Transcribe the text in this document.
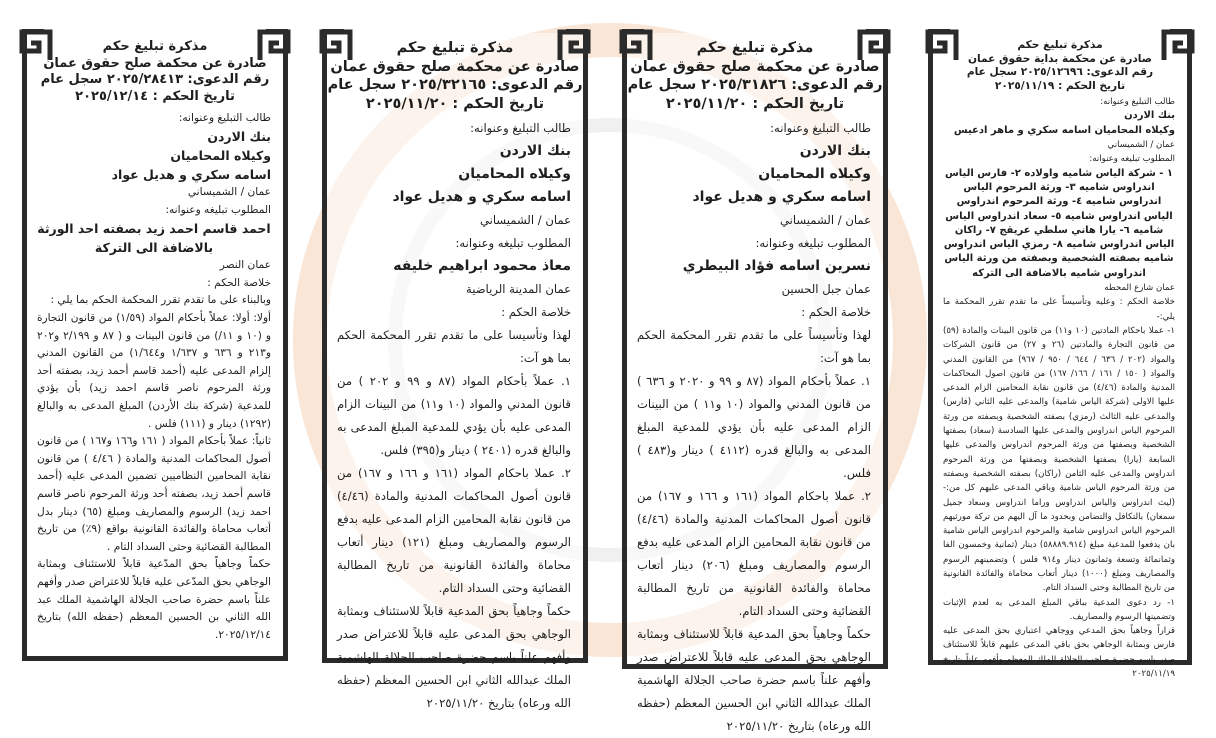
مذكرة تبليغ حكم
صادرة عن محكمة بداية حقوق عمان
رقم الدعوى: ٢٠٢٥/١٢٦٩٦ سجل عام
تاريخ الحكم : ٢٠٢٥/١١/١٩

طالب التبليغ وعنوانه:

بنك الاردن

وكيلاه المحاميان اسامه سكري و ماهر ادعيس

عمان / الشميساني

المطلوب تبليغه وعنوانه:

١ - شركة الياس شاميه واولاده ٢- فارس الياس اندراوس شاميه ٣- ورثة المرحوم الياس اندراوس شاميه ٤- ورثة المرحوم اندراوس الياس اندراوس شاميه ٥- سعاد اندراوس الياس شاميه ٦- يارا هاني سلطي عريقج ٧- راكان الياس اندراوس شاميه ٨- رمزي الياس اندراوس شاميه بصفته الشخصية وبصفته من ورثة الياس اندراوس شاميه بالاضافة الى التركه

عمان شارع المحطه

خلاصة الحكم : وعليه وتأسيساً على ما تقدم تقرر المحكمة ما يلي:-

١- عملا باحكام المادتين (١٠ و١١) من قانون البينات والمادة (٥٩) من قانون التجارة والمادتين (٢٦ و ٢٧) من قانون الشركات والمواد (٢٠٢ / ٦٣٦ / ٦٤٤ / ٩٥٠ / ٩٦٧) من القانون المدني والمواد ( ١٥٠ / ١٦١ / ١٦٦/ ١٦٧) من قانون اصول المحاكمات المدنية والمادة (٤/٤٦) من قانون نقابة المحامين الزام المدعى عليها الاولى (شركة الياس شامية) والمدعى عليه الثاني (فارس) والمدعى عليه الثالث (رمزي) بصفته الشخصية وبصفته من ورثة المرحوم الياس اندراوس والمدعى عليها السادسة (سعاد) بصفتها الشخصية وبصفتها من ورثة المرحوم اندراوس والمدعى عليها السابعة (يارا) بصفتها الشخصية وبصفتها من ورثة المرحوم اندراوس والمدعى عليه الثامن (راكان) بصفته الشخصية وبصفته من ورثة المرحوم الياس شامية وباقي المدعى عليهم كل من:- (ليث اندراوس والياس اندراوس وراما اندراوس وسعاد جميل سمعان) بالتكافل والتضامن وبحدود ما آل اليهم من تركة مورثيهم المرحوم الياس اندراوس شامية والمرحوم اندراوس الياس شامية بان يدفعوا للمدعية مبلغ (٥٨٨٨٩.٩١٤) دينار (ثمانية وخمسون الفا وثمانمائة وتسعة وثمانون دينار و٩١٤ فلس ) وتضمينهم الرسوم والمصاريف ومبلغ (١٠٠٠) دينار أتعاب محاماة والفائدة القانونية من تاريخ المطالبة وحتى السداد التام.

١- رد دعوى المدعية بباقي المبلغ المدعى به لعدم الإثبات وتضمينها الرسوم والمصاريف.

قراراً وجاهياً بحق المدعي ووجاهي اعتباري بحق المدعى عليه فارس وبمثابة الوجاهي بحق باقي المدعى عليهم قابلاً للاستئناف صدر باسم حضرة صاحب الجلالة الملك المعظم وأفهم علناً بتاريخ ٢٠٢٥/١١/١٩

مذكرة تبليغ حكم
صادرة عن محكمة صلح حقوق عمان
رقم الدعوى: ٢٠٢٥/٣١٨٢٦ سجل عام
تاريخ الحكم : ٢٠٢٥/١١/٢٠

طالب التبليغ وعنوانه:

بنك الاردن

وكيلاه المحاميان

اسامه سكري و هديل عواد

عمان / الشميساني

المطلوب تبليغه وعنوانه:

نسرين اسامه فؤاد البيطري

عمان جبل الحسين

خلاصة الحكم :

لهذا وتأسيساً على ما تقدم تقرر المحكمة الحكم بما هو آت:

١. عملاً بأحكام المواد (٨٧ و ٩٩ و ٢٠٢٠ و ٦٣٦ ) من قانون المدني والمواد (١٠ و١١ ) من البينات الزام المدعى عليه بأن يؤدي للمدعية المبلغ المدعى به والبالغ قدره (٤١١٢ ) دينار و(٤٨٣ ) فلس.

٢. عملا باحكام المواد (١٦١ و ١٦٦ و ١٦٧) من قانون أصول المحاكمات المدنية والمادة (٤/٤٦) من قانون نقابة المحامين الزام المدعى عليه بدفع الرسوم والمصاريف ومبلغ (٢٠٦) دينار أتعاب محاماة والفائدة القانونية من تاريخ المطالبة القضائية وحتى السداد التام.

حكماً وجاهياً بحق المدعية قابلاً للاستئناف وبمثابة الوجاهي بحق المدعى عليه قابلاً للاعتراض صدر وأفهم علناً باسم حضرة صاحب الجلالة الهاشمية الملك عبدالله الثاني ابن الحسين المعظم (حفظه الله ورعاه) بتاريخ ٢٠٢٥/١١/٢٠

مذكرة تبليغ حكم
صادرة عن محكمة صلح حقوق عمان
رقم الدعوى: ٢٠٢٥/٣٢١٦٥ سجل عام
تاريخ الحكم : ٢٠٢٥/١١/٢٠

طالب التبليغ وعنوانه:

بنك الاردن

وكيلاه المحاميان

اسامه سكري و هديل عواد

عمان / الشميساني

المطلوب تبليغه وعنوانه:

معاذ محمود ابراهيم خليفه

عمان المدينة الرياضية

خلاصة الحكم :

لهذا وتأسيسا على ما تقدم تقرر المحكمة الحكم بما هو آت:

١. عملاً بأحكام المواد (٨٧ و ٩٩ و ٢٠٢ ) من قانون المدني والمواد (١٠ و١١) من البينات الزام المدعى عليه بأن يؤدي للمدعية المبلغ المدعى به والبالغ قدره (٢٤٠١ ) دينار و(٣٩٥) فلس.

٢. عملا باحكام المواد (١٦١ و ١٦٦ و ١٦٧) من قانون أصول المحاكمات المدنية والمادة (٤/٤٦) من قانون نقابة المحامين الزام المدعى عليه بدفع الرسوم والمصاريف ومبلغ (١٢١) دينار أتعاب محاماة والفائدة القانونية من تاريخ المطالبة القضائية وحتى السداد التام.

حكماً وجاهياً بحق المدعية قابلاً للاستئناف وبمثابة الوجاهي بحق المدعى عليه قابلاً للاعتراض صدر وأفهم علناً باسم حضرة صاحب الجلالة الهاشمية الملك عبدالله الثاني ابن الحسين المعظم (حفظه الله ورعاه) بتاريخ ٢٠٢٥/١١/٢٠

مذكرة تبليغ حكم
صادرة عن محكمة صلح حقوق عمان
رقم الدعوى: ٢٠٢٥/٢٨٤١٣ سجل عام
تاريخ الحكم : ٢٠٢٥/١٢/١٤

طالب التبليغ وعنوانه:

بنك الاردن

وكيلاه المحاميان

اسامه سكري و هديل عواد

عمان / الشميساني

المطلوب تبليغه وعنوانه:

احمد قاسم احمد زيد بصفته احد الورثة بالاضافة الى التركة

عمان النصر

خلاصة الحكم :

وبالبناء على ما تقدم تقرر المحكمة الحكم بما يلي :

أولا: أولا: عملاً بأحكام المواد (١/٥٩) من قانون التجارة و (١٠ و ١١/) من قانون البينات و ( ٨٧ و ٢/١٩٩ و٢٠٢ و٢١٣ و ٦٣٦ و ١/٦٣٧ و١/٦٤٤) من القانون المدني إلزام المدعى عليه (أحمد قاسم أحمد زيد، بصفته أحد ورثة المرحوم ناصر قاسم احمد زيد) بأن يؤدي للمدعية (شركة بنك الأردن) المبلغ المدعى به والبالغ (١٢٩٢) دينار و (١١١) فلس .

ثانياً: عملاً بأحكام المواد ( ١٦١ و١٦٦ و١٦٧ ) من قانون أصول المحاكمات المدنية والمادة ( ٤/٤٦ ) من قانون نقابة المحامين النظاميين تضمين المدعى عليه (أحمد قاسم أحمد زيد، بصفته أحد ورثة المرحوم ناصر قاسم احمد زيد) الرسوم والمصاريف ومبلغ (٦٥) دينار بدل أتعاب محاماة والفائدة القانونية بواقع (٩٪) من تاريخ المطالبة القضائية وحتى السداد التام .

حكماً وجاهياً بحق المدّعية قابلاً للاستئناف وبمثابة الوجاهي بحق المدّعى عليه قابلاً للاعتراض صدر وأفهم علناً باسم حضرة صاحب الجلالة الهاشمية الملك عبد الله الثاني بن الحسين المعظم (حفظه الله) بتاريخ ٢٠٢٥/١٢/١٤.
